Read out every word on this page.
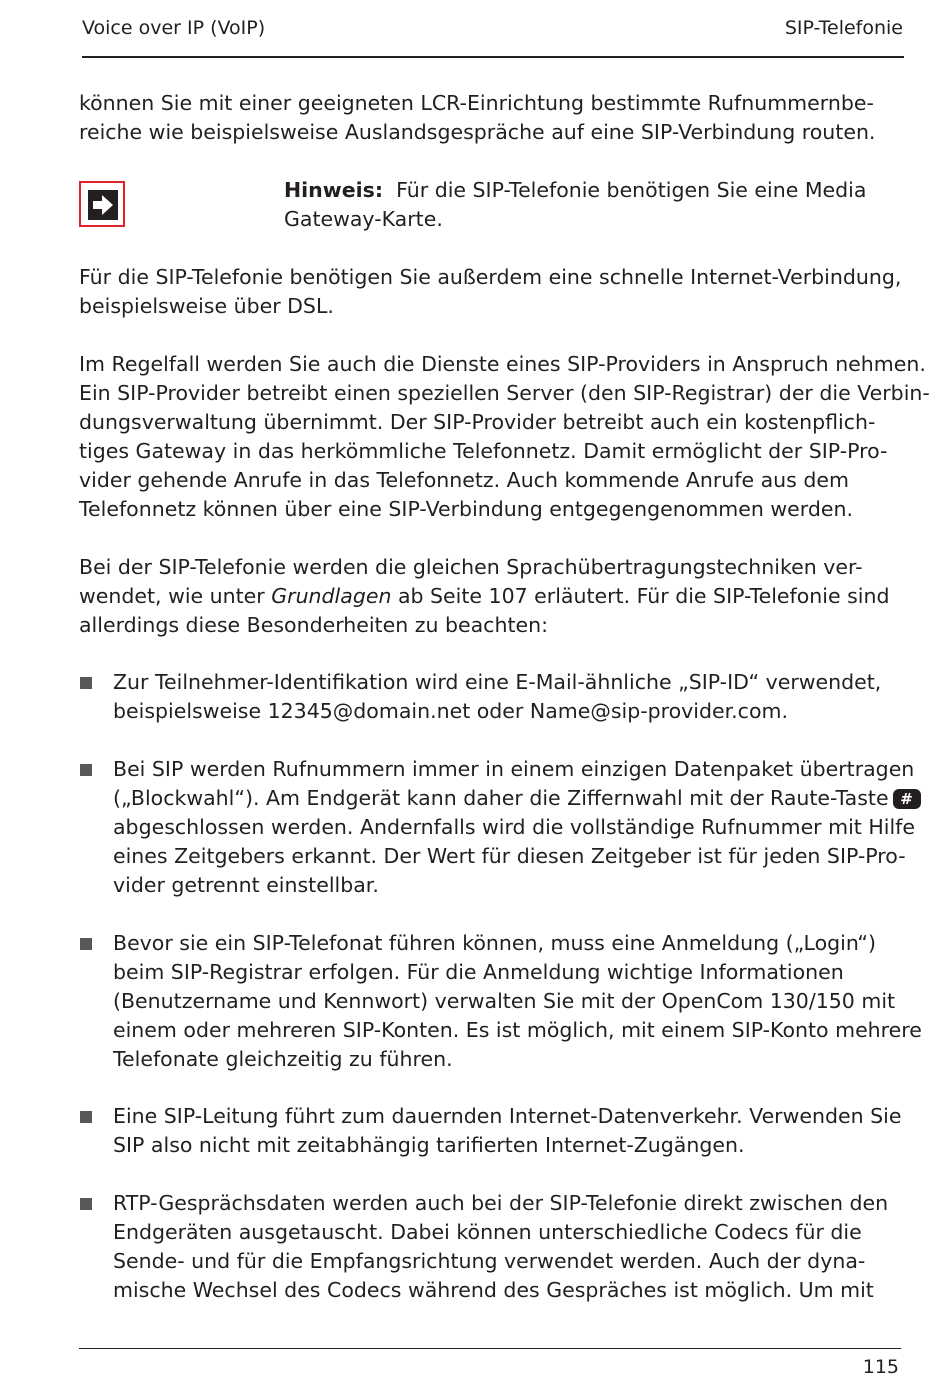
Voice over IP (VoIP)	SIP-Telefonie
können Sie mit einer geeigneten LCR-Einrichtung bestimmte Rufnummernbe-
reiche wie beispielsweise Auslandsgespräche auf eine SIP-Verbindung routen.
Hinweis: Für die SIP-Telefonie benötigen Sie eine Media
Gateway-Karte.
Für die SIP-Telefonie benötigen Sie außerdem eine schnelle Internet-Verbindung,
beispielsweise über DSL.
Im Regelfall werden Sie auch die Dienste eines SIP-Providers in Anspruch nehmen.
Ein SIP-Provider betreibt einen speziellen Server (den SIP-Registrar) der die Verbin-
dungsverwaltung übernimmt. Der SIP-Provider betreibt auch ein kostenpflich-
tiges Gateway in das herkömmliche Telefonnetz. Damit ermöglicht der SIP-Pro-
vider gehende Anrufe in das Telefonnetz. Auch kommende Anrufe aus dem
Telefonnetz können über eine SIP-Verbindung entgegengenommen werden.
Bei der SIP-Telefonie werden die gleichen Sprachübertragungstechniken ver-
wendet, wie unter Grundlagen ab Seite 107 erläutert. Für die SIP-Telefonie sind
allerdings diese Besonderheiten zu beachten:
Zur Teilnehmer-Identifikation wird eine E-Mail-ähnliche „SIP-ID“ verwendet,
beispielsweise 12345@domain.net oder Name@sip-provider.com.
Bei SIP werden Rufnummern immer in einem einzigen Datenpaket übertragen
(„Blockwahl“). Am Endgerät kann daher die Ziffernwahl mit der Raute-Taste #
abgeschlossen werden. Andernfalls wird die vollständige Rufnummer mit Hilfe
eines Zeitgebers erkannt. Der Wert für diesen Zeitgeber ist für jeden SIP-Pro-
vider getrennt einstellbar.
Bevor sie ein SIP-Telefonat führen können, muss eine Anmeldung („Login“)
beim SIP-Registrar erfolgen. Für die Anmeldung wichtige Informationen
(Benutzername und Kennwort) verwalten Sie mit der OpenCom 130/150 mit
einem oder mehreren SIP-Konten. Es ist möglich, mit einem SIP-Konto mehrere
Telefonate gleichzeitig zu führen.
Eine SIP-Leitung führt zum dauernden Internet-Datenverkehr. Verwenden Sie
SIP also nicht mit zeitabhängig tarifierten Internet-Zugängen.
RTP-Gesprächsdaten werden auch bei der SIP-Telefonie direkt zwischen den
Endgeräten ausgetauscht. Dabei können unterschiedliche Codecs für die
Sende- und für die Empfangsrichtung verwendet werden. Auch der dyna-
mische Wechsel des Codecs während des Gespräches ist möglich. Um mit
115
